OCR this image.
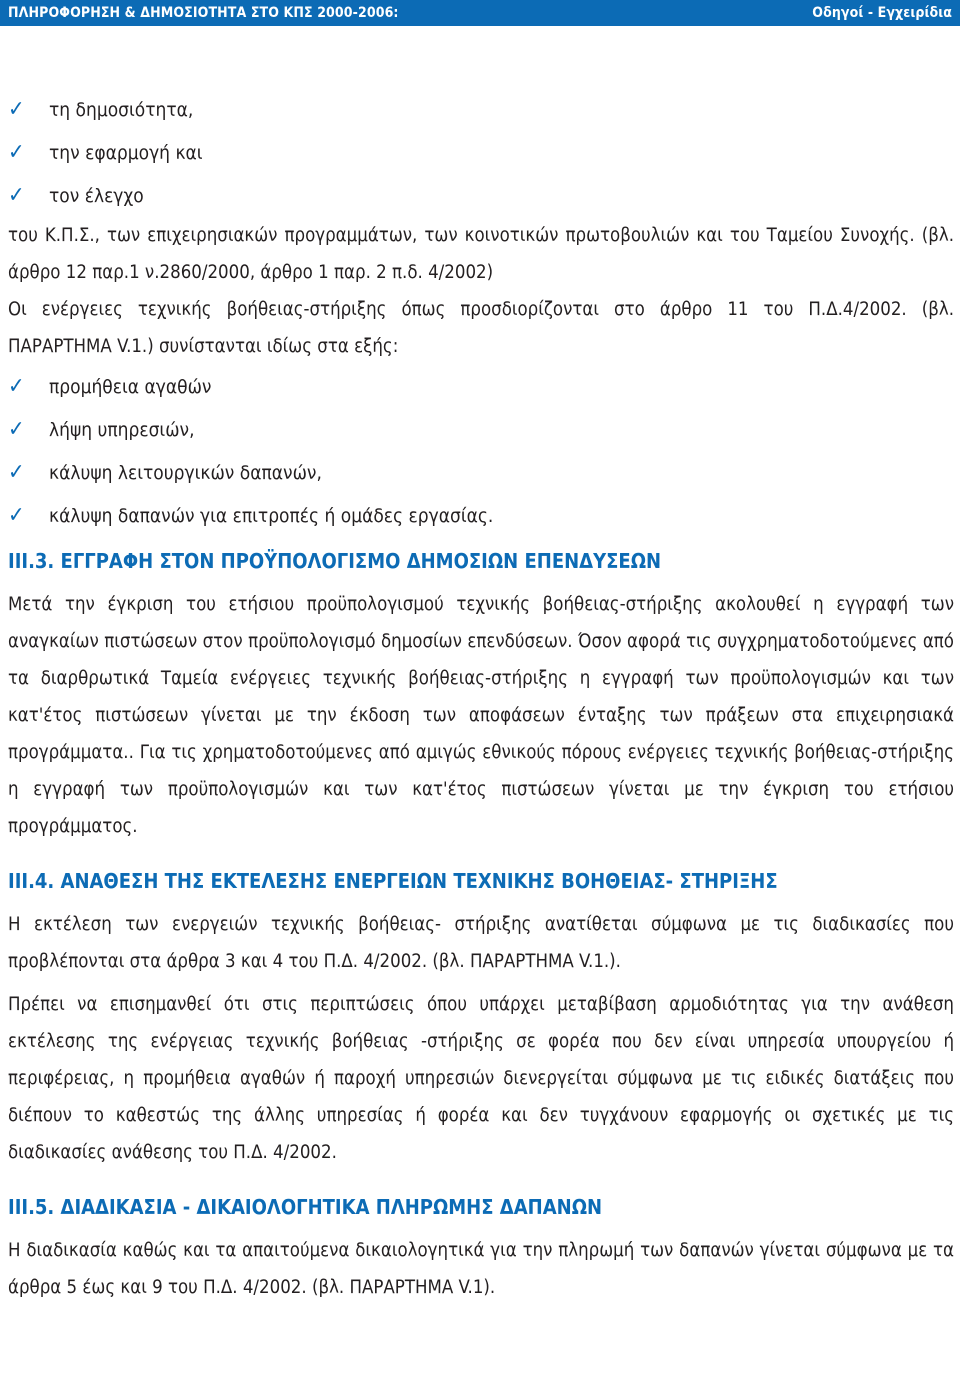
ΠΛΗΡΟΦΟΡΗΣΗ & ΔΗΜΟΣΙΟΤΗΤΑ ΣΤΟ ΚΠΣ 2000-2006:	Οδηγοί - Εγχειρίδια
✓	τη δημοσιότητα,
✓	την εφαρμογή και
✓	τον έλεγχο

του Κ.Π.Σ., των επιχειρησιακών προγραμμάτων, των κοινοτικών πρωτοβουλιών και του Ταμείου Συνοχής. (βλ. άρθρο 12 παρ.1 ν.2860/2000, άρθρο 1 παρ. 2 π.δ. 4/2002)

Οι ενέργειες τεχνικής βοήθειας-στήριξης όπως προσδιορίζονται στο άρθρο 11 του Π.Δ.4/2002. (βλ. ΠΑΡΑΡΤΗΜΑ V.1.) συνίστανται ιδίως στα εξής:

✓	προμήθεια αγαθών
✓	λήψη υπηρεσιών,
✓	κάλυψη λειτουργικών δαπανών,
✓	κάλυψη δαπανών για επιτροπές ή ομάδες εργασίας.
ΙΙΙ.3. ΕΓΓΡΑΦΗ ΣΤΟΝ ΠΡΟΫΠΟΛΟΓΙΣΜΟ ΔΗΜΟΣΙΩΝ ΕΠΕΝΔΥΣΕΩΝ

Μετά την έγκριση του ετήσιου προϋπολογισμού τεχνικής βοήθειας-στήριξης ακολουθεί η εγγραφή των αναγκαίων πιστώσεων στον προϋπολογισμό δημοσίων επενδύσεων. Όσον αφορά τις συγχρηματοδοτούμενες από τα διαρθρωτικά Ταμεία ενέργειες τεχνικής βοήθειας-στήριξης η εγγραφή των προϋπολογισμών και των κατ'έτος πιστώσεων γίνεται με την έκδοση των αποφάσεων ένταξης των πράξεων στα επιχειρησιακά προγράμματα.. Για τις χρηματοδοτούμενες από αμιγώς εθνικούς πόρους ενέργειες τεχνικής βοήθειας-στήριξης η εγγραφή των προϋπολογισμών και των κατ'έτος πιστώσεων γίνεται με την έγκριση του ετήσιου προγράμματος.

ΙΙΙ.4. ΑΝΑΘΕΣΗ ΤΗΣ ΕΚΤΕΛΕΣΗΣ ΕΝΕΡΓΕΙΩΝ ΤΕΧΝΙΚΗΣ ΒΟΗΘΕΙΑΣ- ΣΤΗΡΙΞΗΣ

Η εκτέλεση των ενεργειών τεχνικής βοήθειας- στήριξης ανατίθεται σύμφωνα με τις διαδικασίες που προβλέπονται στα άρθρα 3 και 4 του Π.Δ. 4/2002. (βλ. ΠΑΡΑΡΤΗΜΑ V.1.).

Πρέπει να επισημανθεί ότι στις περιπτώσεις όπου υπάρχει μεταβίβαση αρμοδιότητας για την ανάθεση εκτέλεσης της ενέργειας τεχνικής βοήθειας -στήριξης σε φορέα που δεν είναι υπηρεσία υπουργείου ή περιφέρειας, η προμήθεια αγαθών ή παροχή υπηρεσιών διενεργείται σύμφωνα με τις ειδικές διατάξεις που διέπουν το καθεστώς της άλλης υπηρεσίας ή φορέα και δεν τυγχάνουν εφαρμογής οι σχετικές με τις διαδικασίες ανάθεσης του Π.Δ. 4/2002.

ΙΙΙ.5. ΔΙΑΔΙΚΑΣΙΑ - ΔΙΚΑΙΟΛΟΓΗΤΙΚΑ ΠΛΗΡΩΜΗΣ ΔΑΠΑΝΩΝ

Η διαδικασία καθώς και τα απαιτούμενα δικαιολογητικά για την πληρωμή των δαπανών γίνεται σύμφωνα με τα άρθρα 5 έως και 9 του Π.Δ. 4/2002. (βλ. ΠΑΡΑΡΤΗΜΑ V.1).
